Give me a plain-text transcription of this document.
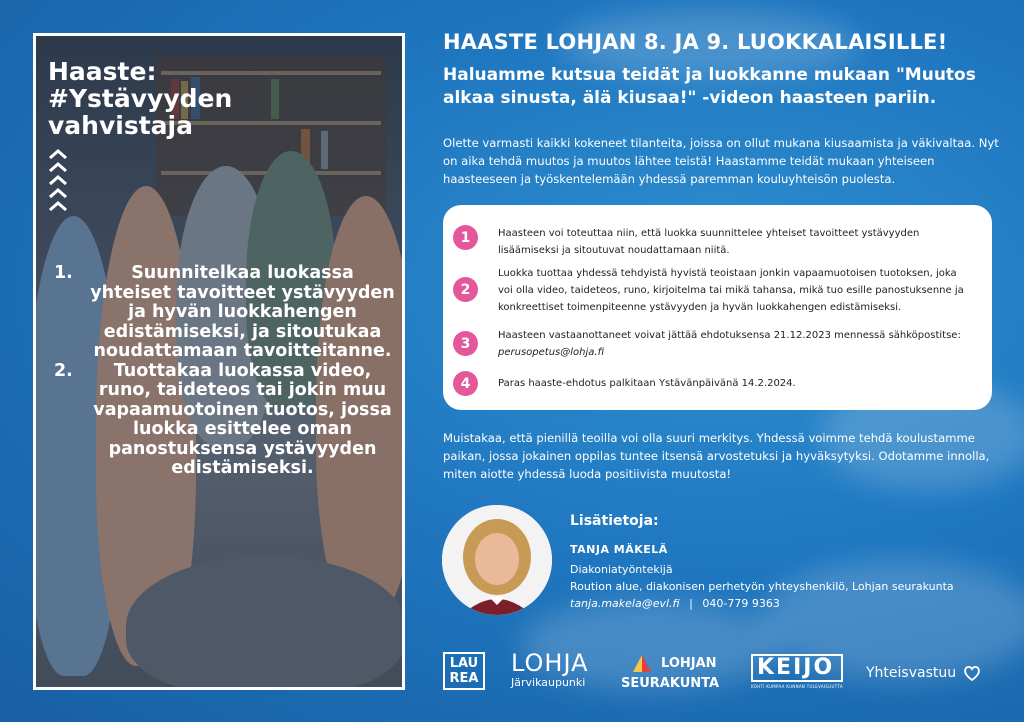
Haaste:
#Ystävyyden
vahvistaja
1.	Suunnitelkaa luokassa yhteiset tavoitteet ystävyyden ja hyvän luokkahengen edistämiseksi, ja sitoutukaa noudattamaan tavoitteitanne.
2.	Tuottakaa luokassa video, runo, taideteos tai jokin muu vapaamuotoinen tuotos, jossa luokka esittelee oman panostuksensa ystävyyden edistämiseksi.
HAASTE LOHJAN 8. JA 9. LUOKKALAISILLE!
Haluamme kutsua teidät ja luokkanne mukaan "Muutos alkaa sinusta, älä kiusaa!" -videon haasteen pariin.
Olette varmasti kaikki kokeneet tilanteita, joissa on ollut mukana kiusaamista ja väkivaltaa. Nyt on aika tehdä muutos ja muutos lähtee teistä! Haastamme teidät mukaan yhteiseen haasteeseen ja työskentelemään yhdessä paremman kouluyhteisön puolesta.
1	Haasteen voi toteuttaa niin, että luokka suunnittelee yhteiset tavoitteet ystävyyden lisäämiseksi ja sitoutuvat noudattamaan niitä.
2
Luokka tuottaa yhdessä tehdyistä hyvistä teoistaan jonkin vapaamuotoisen tuotoksen, joka voi olla video, taideteos, runo, kirjoitelma tai mikä tahansa, mikä tuo esille panostuksenne ja konkreettiset toimenpiteenne ystävyyden ja hyvän luokkahengen edistämiseksi.
3	Haasteen vastaanottaneet voivat jättää ehdotuksensa 21.12.2023 mennessä sähköpostitse:
perusopetus@lohja.fi
4	Paras haaste-ehdotus palkitaan Ystävänpäivänä 14.2.2024.
Muistakaa, että pienillä teoilla voi olla suuri merkitys. Yhdessä voimme tehdä koulustamme paikan, jossa jokainen oppilas tuntee itsensä arvostetuksi ja hyväksytyksi. Odotamme innolla, miten aiotte yhdessä luoda positiivista muutosta!
Lisätietoja:
TANJA MÄKELÄ
Diakoniatyöntekijä
Roution alue, diakonisen perhetyön yhteyshenkilö, Lohjan seurakunta
tanja.makela@evl.fi | 040-779 9363
LAU
REA
LOHJA
Järvikaupunki
LOHJAN
SEURAKUNTA
KEIJO
KOHTI KUMPAA KUNNAN TULEVAISUUTTA
Yhteisvastuu
